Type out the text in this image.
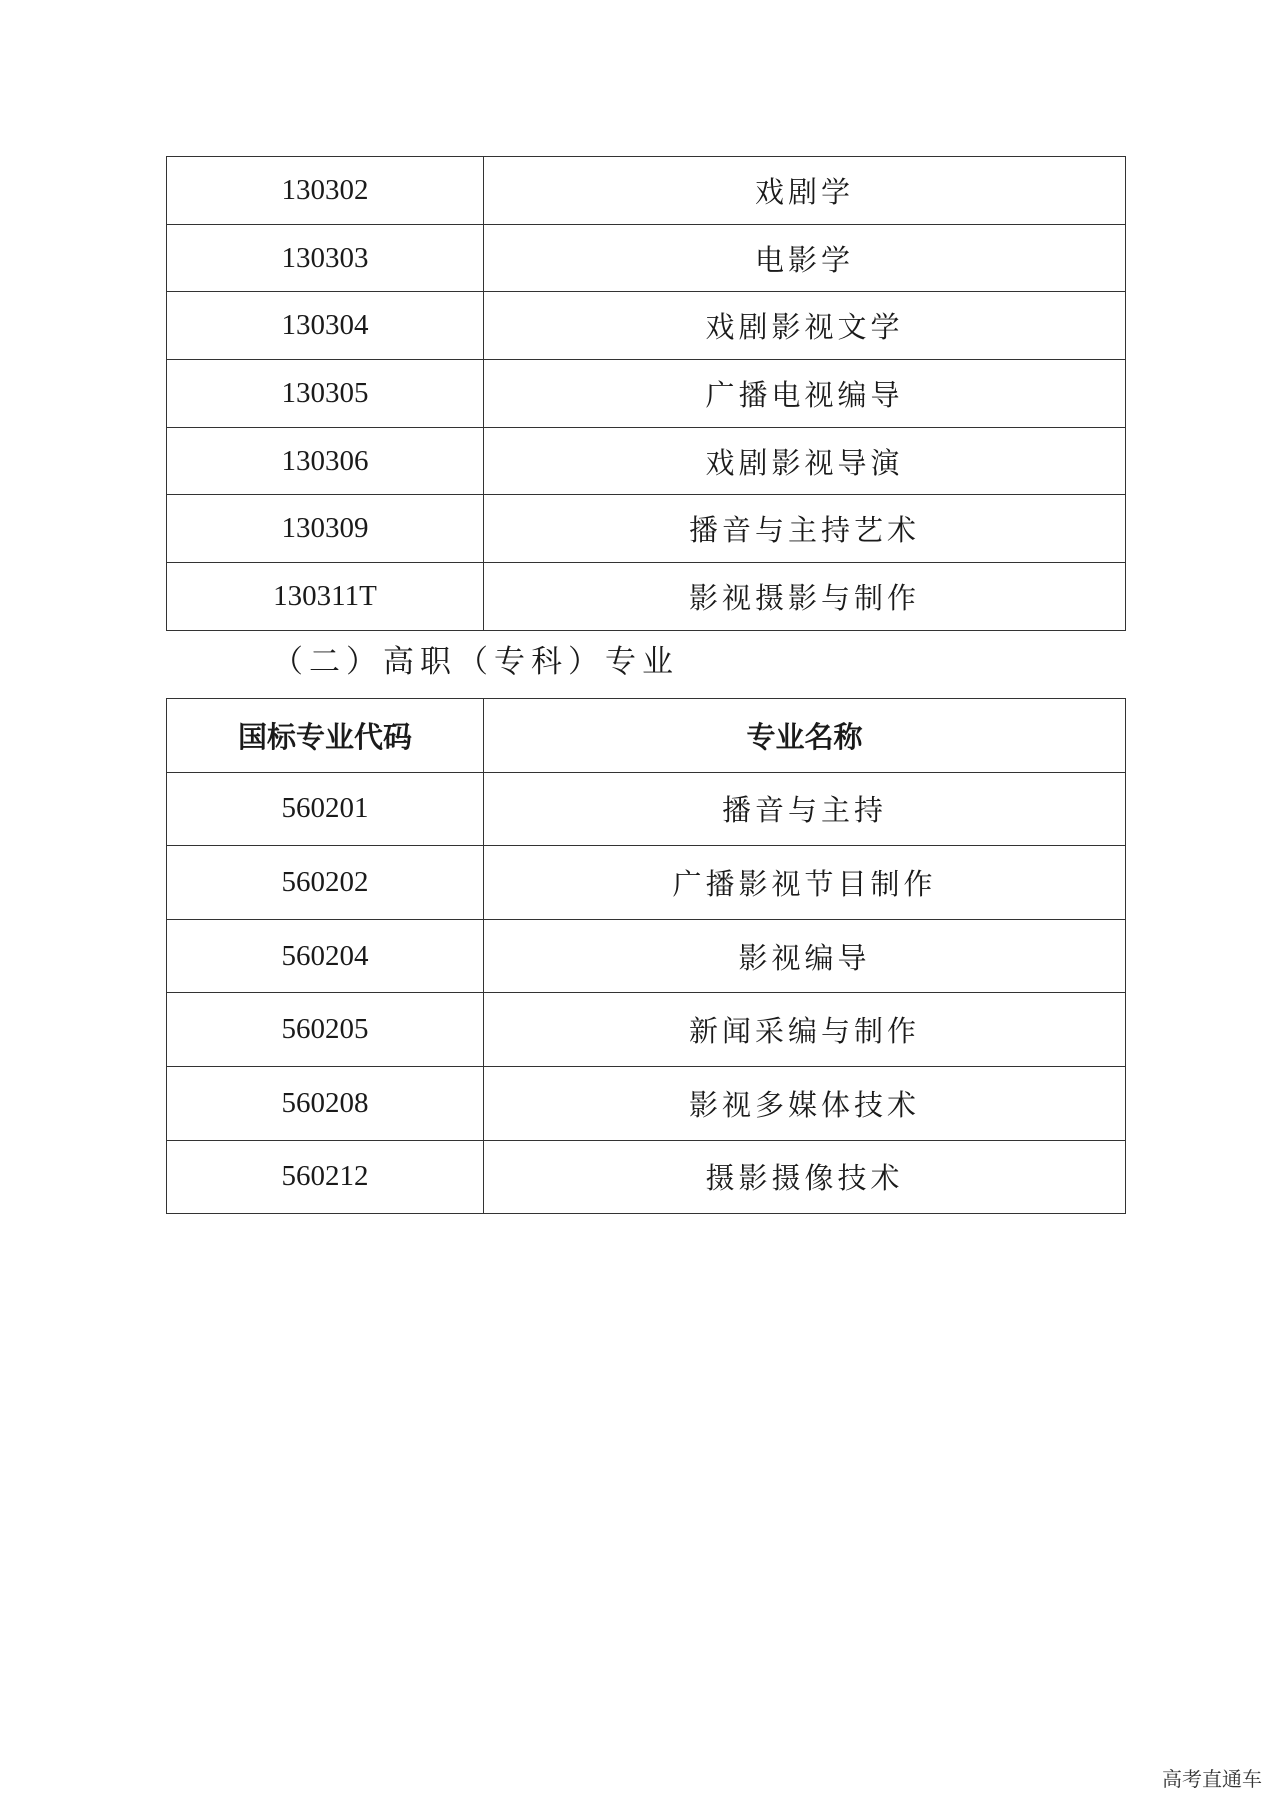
130302	戏剧学
130303	电影学
130304	戏剧影视文学
130305	广播电视编导
130306	戏剧影视导演
130309	播音与主持艺术
130311T	影视摄影与制作

（二）高职（专科）专业

国标专业代码	专业名称
560201	播音与主持
560202	广播影视节目制作
560204	影视编导
560205	新闻采编与制作
560208	影视多媒体技术
560212	摄影摄像技术
高考直通车
